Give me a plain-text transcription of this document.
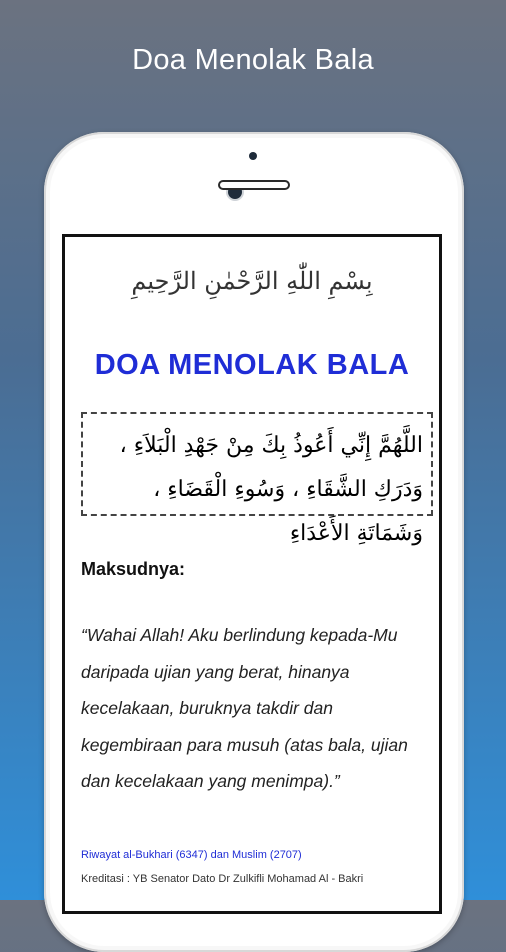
Doa Menolak Bala
بِسْمِ اللّٰهِ الرَّحْمٰنِ الرَّحِيمِ
DOA MENOLAK BALA
اللَّهُمَّ إِنِّي أَعُوذُ بِكَ مِنْ جَهْدِ الْبَلاَءِ ، وَدَرَكِ الشَّقَاءِ ، وَسُوءِ الْقَضَاءِ ، وَشَمَاتَةِ الأَعْدَاءِ
Maksudnya:
“Wahai Allah! Aku berlindung kepada-Mu daripada ujian yang berat, hinanya kecelakaan, buruknya takdir dan kegembiraan para musuh (atas bala, ujian dan kecelakaan yang menimpa).”
Riwayat al-Bukhari (6347) dan Muslim (2707)
Kreditasi : YB Senator Dato Dr Zulkifli Mohamad Al - Bakri
